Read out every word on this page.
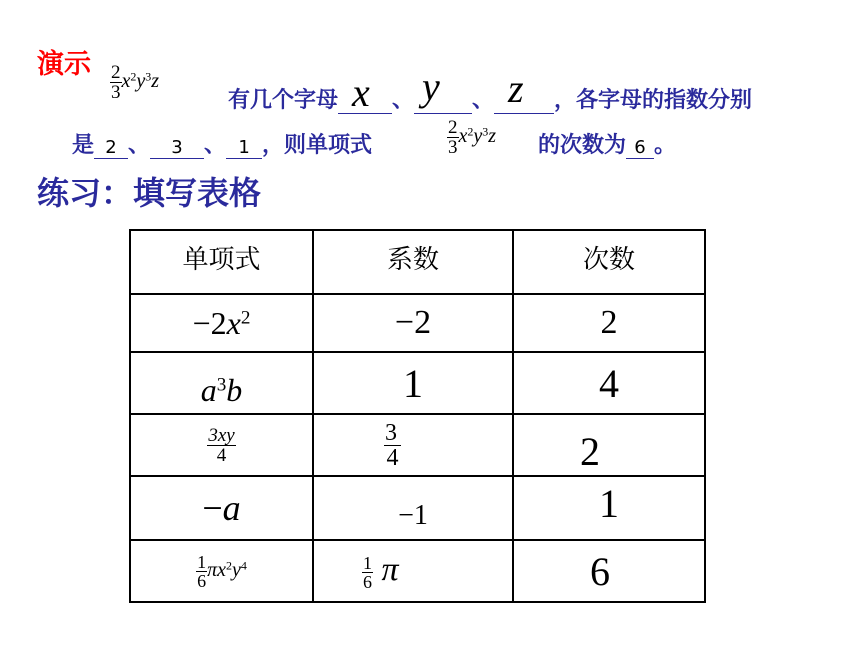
演示 $\frac{2}{3} x^2y^3z$
有几个字母 x 、 y 、 z ，各字母的指数分别
是 2 、	3 、 1 ，则单项式	$\frac{2}{3} x^2y^3z$ 的次数为 6 。
练习：填写表格
单项式	系数	次数
$-2x^2$	−2	2
$a^3b$	1	4

$\frac{3xy}{4}$	$\frac{3}{4}$	2
−a	−1	1

$\frac{1}{6} \pi x^2y^4$	$\frac{1}{6}$ π	6
